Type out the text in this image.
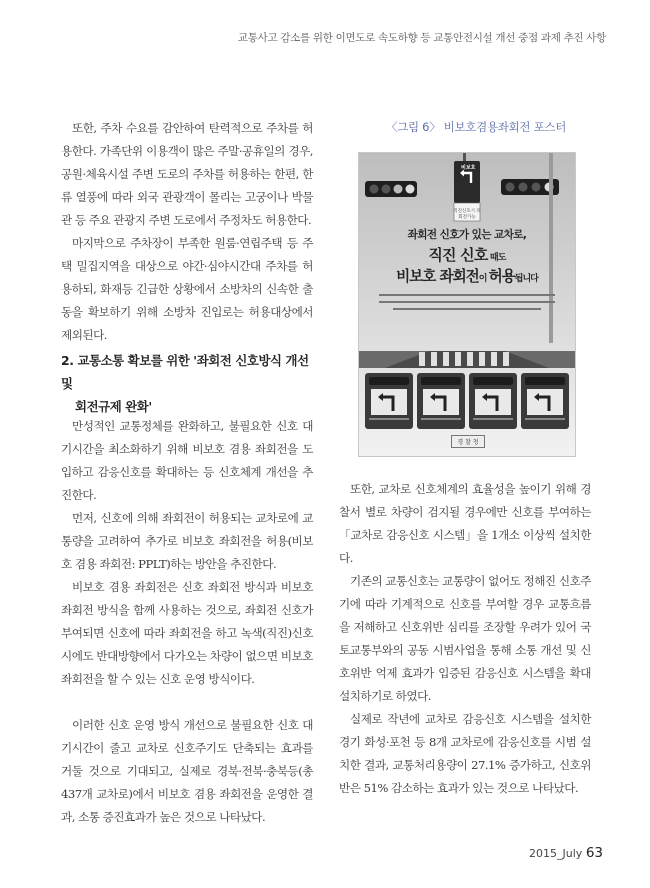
교통사고 감소를 위한 이면도로 속도하향 등 교통안전시설 개선 중점 과제 추진 사항

또한, 주차 수요를 감안하여 탄력적으로 주차를 허용한다. 가족단위 이용객이 많은 주말·공휴일의 경우, 공원·체육시설 주변 도로의 주차를 허용하는 한편, 한류 열풍에 따라 외국 관광객이 몰리는 고궁이나 박물관 등 주요 관광지 주변 도로에서 주정차도 허용한다.

마지막으로 주차장이 부족한 원룸·연립주택 등 주택 밀집지역을 대상으로 야간·심야시간대 주차를 허용하되, 화재등 긴급한 상황에서 소방차의 신속한 출동을 확보하기 위해 소방차 진입로는 허용대상에서 제외된다.

2. 교통소통 확보를 위한 '좌회전 신호방식 개선 및
회전규제 완화'

만성적인 교통정체를 완화하고, 불필요한 신호 대기시간을 최소화하기 위해 비보호 겸용 좌회전을 도입하고 감응신호를 확대하는 등 신호체계 개선을 추진한다.

먼저, 신호에 의해 좌회전이 허용되는 교차로에 교통량을 고려하여 추가로 비보호 좌회전을 허용(비보호 겸용 좌회전: PPLT)하는 방안을 추진한다.

비보호 겸용 좌회전은 신호 좌회전 방식과 비보호 좌회전 방식을 함께 사용하는 것으로, 좌회전 신호가 부여되면 신호에 따라 좌회전을 하고 녹색(직진)신호시에도 반대방향에서 다가오는 차량이 없으면 비보호 좌회전을 할 수 있는 신호 운영 방식이다.

이러한 신호 운영 방식 개선으로 불필요한 신호 대기시간이 줄고 교차로 신호주기도 단축되는 효과를 거둘 것으로 기대되고, 실제로 경북·전북·충북등(총 437개 교차로)에서 비보호 겸용 좌회전을 운영한 결과, 소통 증진효과가 높은 것으로 나타났다.

〈그림 6〉 비보호겸용좌회전 포스터
직진신호시 좌회전가능
좌회전 신호가 있는 교차로,
직진 신호 때도
비보호 좌회전이 허용됩니다
경 찰 청
비보호

또한, 교차로 신호체계의 효율성을 높이기 위해 경찰서 별로 차량이 검지될 경우에만 신호를 부여하는 「교차로 감응신호 시스템」을 1개소 이상씩 설치한다.

기존의 교통신호는 교통량이 없어도 정해진 신호주기에 따라 기계적으로 신호를 부여할 경우 교통흐름을 저해하고 신호위반 심리를 조장할 우려가 있어 국토교통부와의 공동 시범사업을 통해 소통 개선 및 신호위반 억제 효과가 입증된 감응신호 시스템을 확대설치하기로 하였다.

실제로 작년에 교차로 감응신호 시스템을 설치한 경기 화성·포천 등 8개 교차로에 감응신호를 시범 설치한 결과, 교통처리용량이 27.1% 증가하고, 신호위반은 51% 감소하는 효과가 있는 것으로 나타났다.

2015_July 63
